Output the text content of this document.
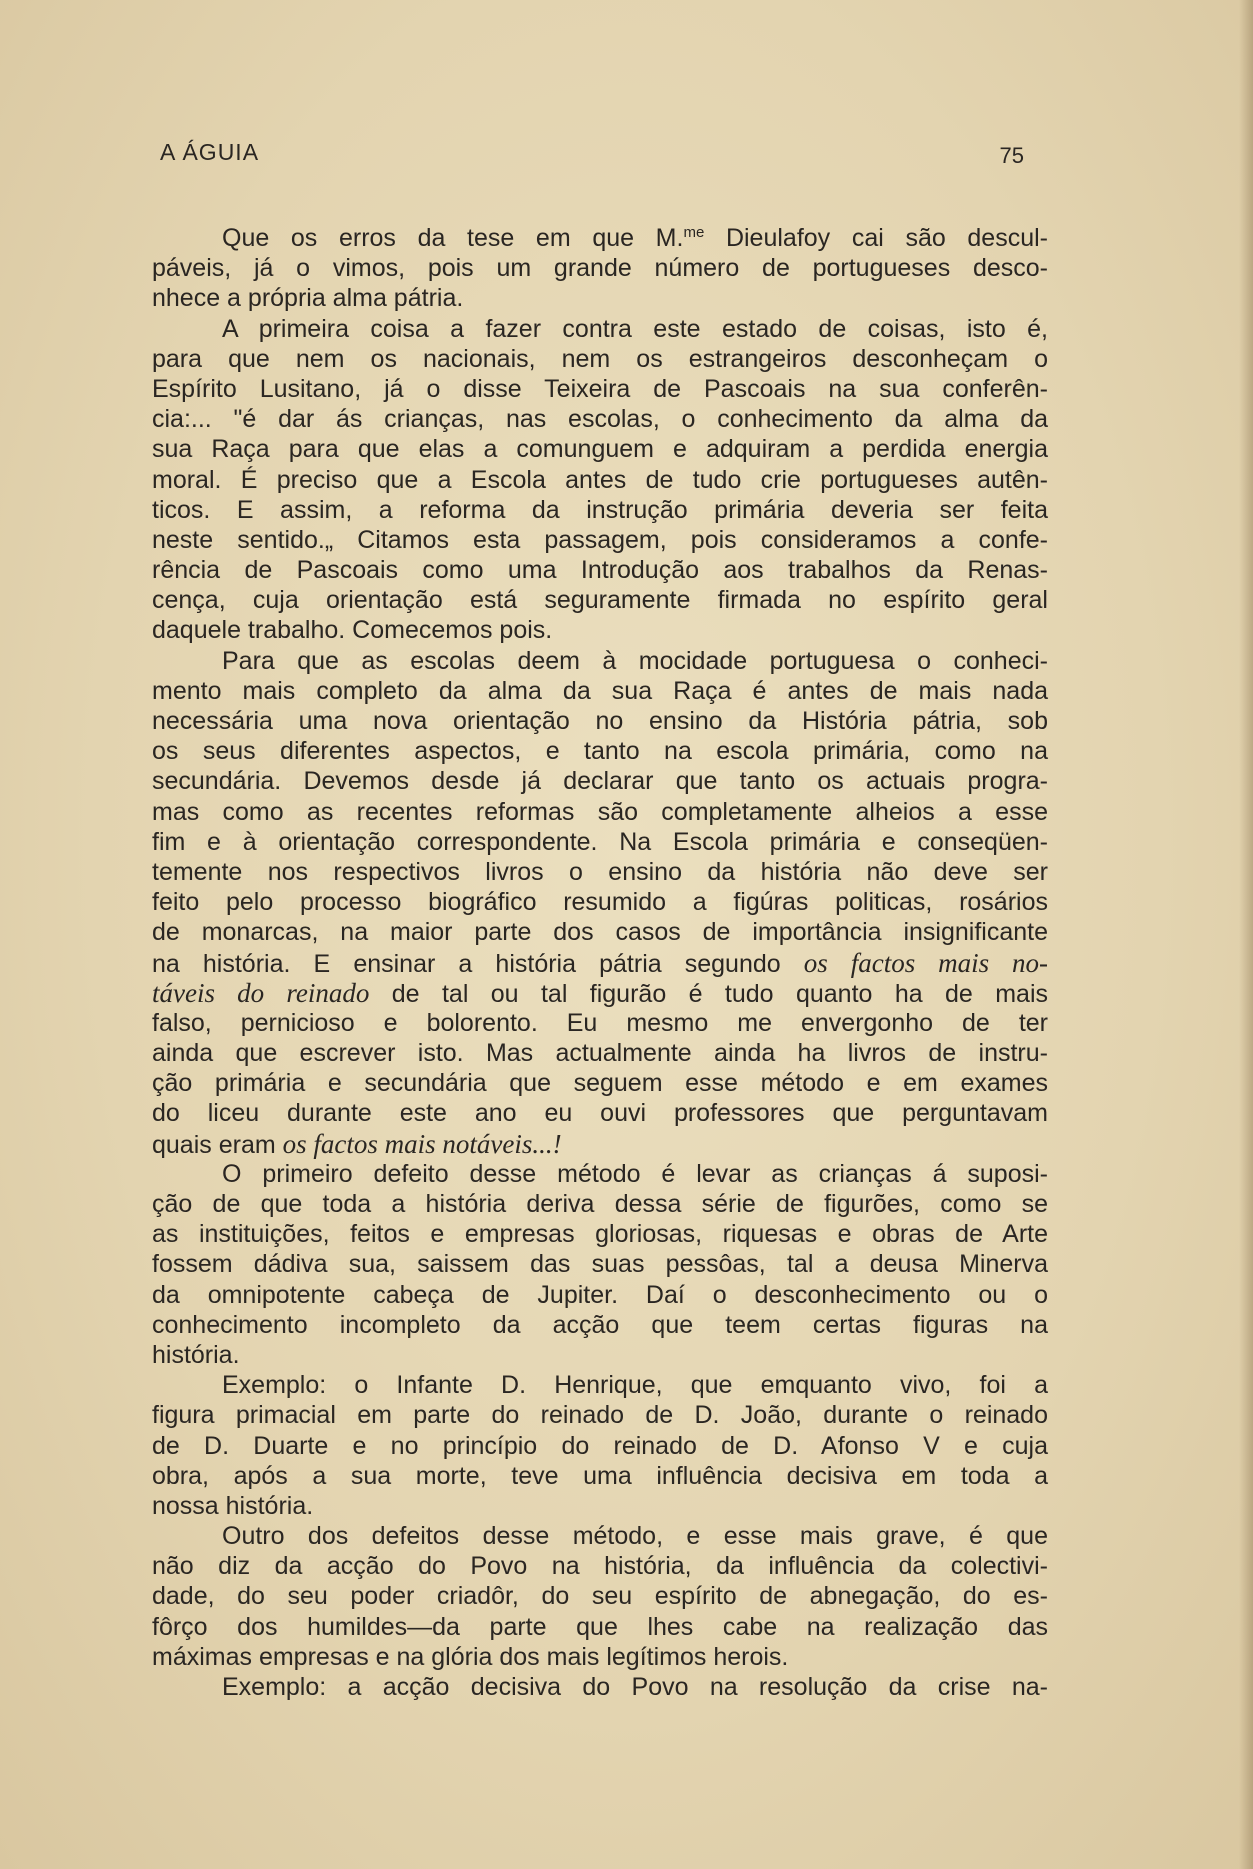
A ÁGUIA	75
Que os erros da tese em que M.$^{me}$ Dieulafoy cai são descul-
páveis, já o vimos, pois um grande número de portugueses desco-
nhece a própria alma pátria.
A primeira coisa a fazer contra este estado de coisas, isto é,
para que nem os nacionais, nem os estrangeiros desconheçam o
Espírito Lusitano, já o disse Teixeira de Pascoais na sua conferên-
cia:... "é dar ás crianças, nas escolas, o conhecimento da alma da
sua Raça para que elas a comunguem e adquiram a perdida energia
moral. É preciso que a Escola antes de tudo crie portugueses autên-
ticos. E assim, a reforma da instrução primária deveria ser feita
neste sentido.„ Citamos esta passagem, pois consideramos a confe-
rência de Pascoais como uma Introdução aos trabalhos da Renas-
cença, cuja orientação está seguramente firmada no espírito geral
daquele trabalho. Comecemos pois.
Para que as escolas deem à mocidade portuguesa o conheci-
mento mais completo da alma da sua Raça é antes de mais nada
necessária uma nova orientação no ensino da História pátria, sob
os seus diferentes aspectos, e tanto na escola primária, como na
secundária. Devemos desde já declarar que tanto os actuais progra-
mas como as recentes reformas são completamente alheios a esse
fim e à orientação correspondente. Na Escola primária e conseqüen-
temente nos respectivos livros o ensino da história não deve ser
feito pelo processo biográfico resumido a figúras politicas, rosários
de monarcas, na maior parte dos casos de importância insignificante
na história. E ensinar a história pátria segundo os factos mais no-
táveis do reinado de tal ou tal figurão é tudo quanto ha de mais
falso, pernicioso e bolorento. Eu mesmo me envergonho de ter
ainda que escrever isto. Mas actualmente ainda ha livros de instru-
ção primária e secundária que seguem esse método e em exames
do liceu durante este ano eu ouvi professores que perguntavam
quais eram os factos mais notáveis...!
O primeiro defeito desse método é levar as crianças á suposi-
ção de que toda a história deriva dessa série de figurões, como se
as instituições, feitos e empresas gloriosas, riquesas e obras de Arte
fossem dádiva sua, saissem das suas pessôas, tal a deusa Minerva
da omnipotente cabeça de Jupiter. Daí o desconhecimento ou o
conhecimento incompleto da acção que teem certas figuras na
história.
Exemplo: o Infante D. Henrique, que emquanto vivo, foi a
figura primacial em parte do reinado de D. João, durante o reinado
de D. Duarte e no princípio do reinado de D. Afonso V e cuja
obra, após a sua morte, teve uma influência decisiva em toda a
nossa história.
Outro dos defeitos desse método, e esse mais grave, é que
não diz da acção do Povo na história, da influência da colectivi-
dade, do seu poder criadôr, do seu espírito de abnegação, do es-
fôrço dos humildes—da parte que lhes cabe na realização das
máximas empresas e na glória dos mais legítimos herois.
Exemplo: a acção decisiva do Povo na resolução da crise na-
